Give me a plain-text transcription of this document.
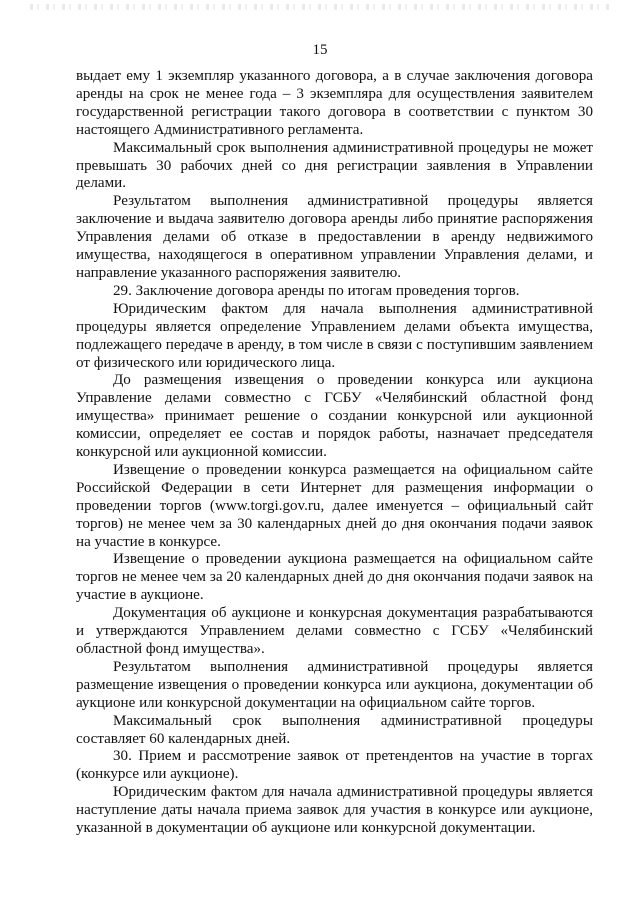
15

выдает ему 1 экземпляр указанного договора, а в случае заключения договора аренды на срок не менее года – 3 экземпляра для осуществления заявителем государственной регистрации такого договора в соответствии с пунктом 30 настоящего Административного регламента.

Максимальный срок выполнения административной процедуры не может превышать 30 рабочих дней со дня регистрации заявления в Управлении делами.

Результатом выполнения административной процедуры является заключение и выдача заявителю договора аренды либо принятие распоряжения Управления делами об отказе в предоставлении в аренду недвижимого имущества, находящегося в оперативном управлении Управления делами, и направление указанного распоряжения заявителю.

29. Заключение договора аренды по итогам проведения торгов.

Юридическим фактом для начала выполнения административной процедуры является определение Управлением делами объекта имущества, подлежащего передаче в аренду, в том числе в связи с поступившим заявлением от физического или юридического лица.

До размещения извещения о проведении конкурса или аукциона Управление делами совместно с ГСБУ «Челябинский областной фонд имущества» принимает решение о создании конкурсной или аукционной комиссии, определяет ее состав и порядок работы, назначает председателя конкурсной или аукционной комиссии.

Извещение о проведении конкурса размещается на официальном сайте Российской Федерации в сети Интернет для размещения информации о проведении торгов (www.torgi.gov.ru, далее именуется – официальный сайт торгов) не менее чем за 30 календарных дней до дня окончания подачи заявок на участие в конкурсе.

Извещение о проведении аукциона размещается на официальном сайте торгов не менее чем за 20 календарных дней до дня окончания подачи заявок на участие в аукционе.

Документация об аукционе и конкурсная документация разрабатываются и утверждаются Управлением делами совместно с ГСБУ «Челябинский областной фонд имущества».

Результатом выполнения административной процедуры является размещение извещения о проведении конкурса или аукциона, документации об аукционе или конкурсной документации на официальном сайте торгов.

Максимальный срок выполнения административной процедуры составляет 60 календарных дней.

30. Прием и рассмотрение заявок от претендентов на участие в торгах (конкурсе или аукционе).

Юридическим фактом для начала административной процедуры является наступление даты начала приема заявок для участия в конкурсе или аукционе, указанной в документации об аукционе или конкурсной документации.
